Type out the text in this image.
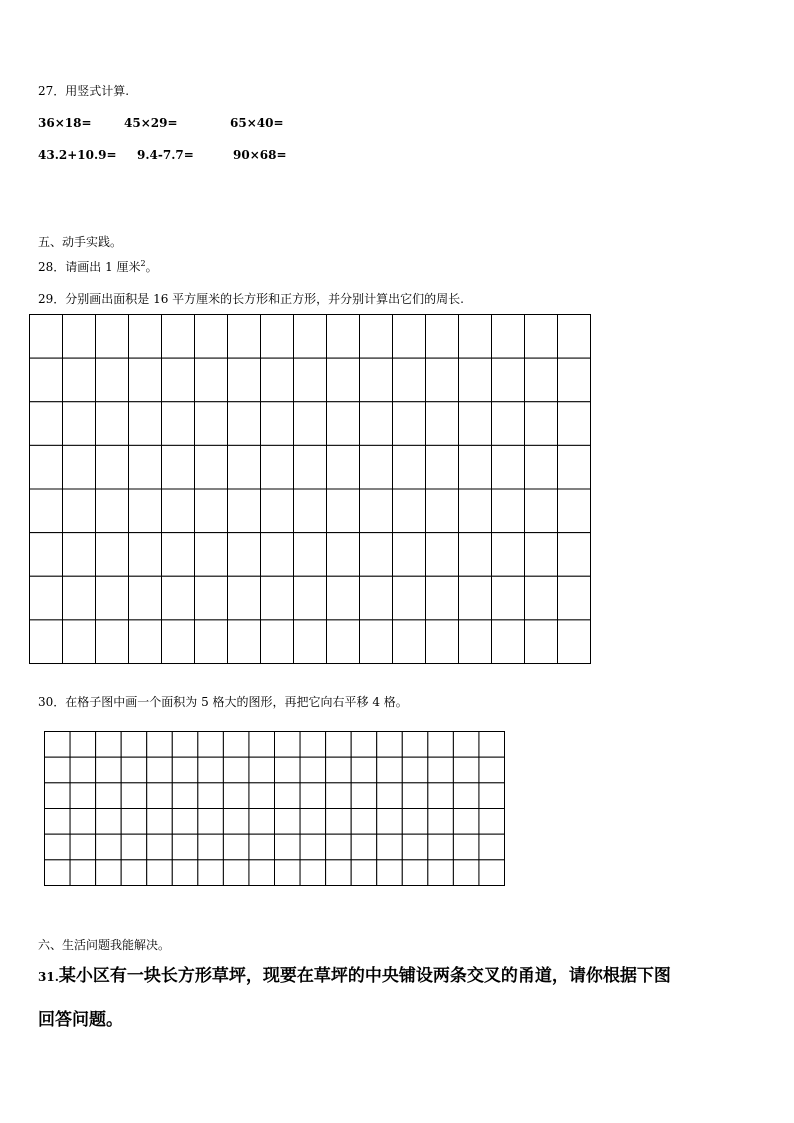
27．用竖式计算.
36×18=	45×29=	65×40=
43.2+10.9= 9.4-7.7=	90×68=
五、动手实践。
28．请画出 1 厘米$^2$。
29．分别画出面积是 16 平方厘米的长方形和正方形，并分别计算出它们的周长.
30．在格子图中画一个面积为 5 格大的图形，再把它向右平移 4 格。
六、生活问题我能解决。
31.某小区有一块长方形草坪，现要在草坪的中央铺设两条交叉的甬道，请你根据下图
回答问题。
